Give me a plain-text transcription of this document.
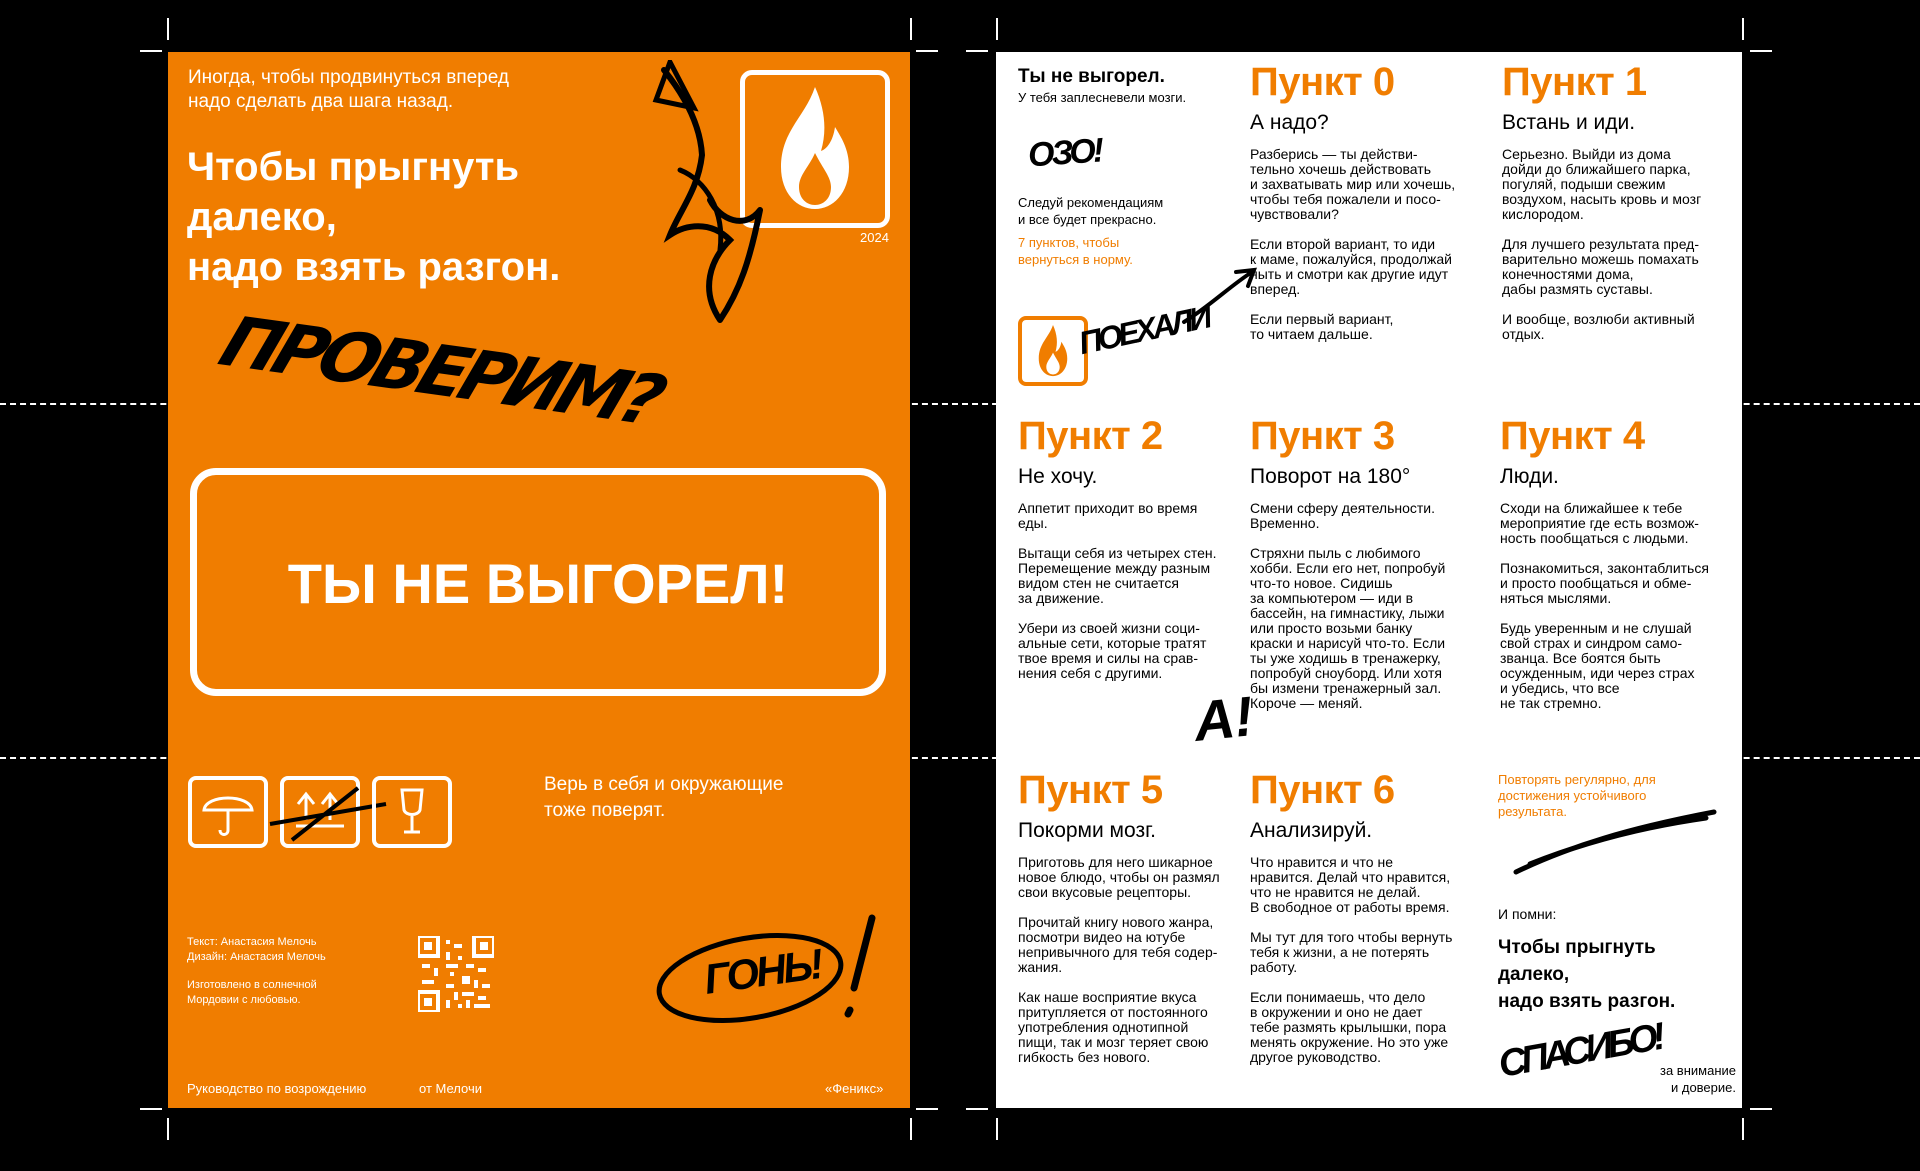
Иногда, чтобы продвинуться вперед
надо сделать два шага назад.
Чтобы прыгнуть
далеко,
надо взять разгон.
2024
ПРОВЕРИМ?
ТЫ НЕ ВЫГОРЕЛ!
Верь в себя и окружающие
тоже поверят.
Текст: Анастасия Мелочь
Дизайн: Анастасия Мелочь
Изготовлено в солнечной
Мордовии с любовью.	ГОНЬ!
Руководство по возрождению	от Мелочи	«Феникс»
Ты не выгорел.
У тебя заплесневели мозги.
ОЗО!
Следуй рекомендациям
и все будет прекрасно.
7 пунктов, чтобы
вернуться в норму.
ПОЕХАЛИ
Пункт 0
А надо?
Разберись — ты действи-
тельно хочешь действовать
и захватывать мир или хочешь,
чтобы тебя пожалели и посо-
чувствовали?

Если второй вариант, то иди
к маме, пожалуйся, продолжай
ныть и смотри как другие идут
вперед.

Если первый вариант,
то читаем дальше.
Пункт 1
Встань и иди.
Серьезно. Выйди из дома
дойди до ближайшего парка,
погуляй, подыши свежим
воздухом, насыть кровь и мозг
кислородом.

Для лучшего результата пред-
варительно можешь помахать
конечностями дома,
дабы размять суставы.

И вообще, возлюби активный
отдых.
Пункт 2
Не хочу.
Аппетит приходит во время
еды.

Вытащи себя из четырех стен.
Перемещение между разным
видом стен не считается
за движение.

Убери из своей жизни соци-
альные сети, которые тратят
твое время и силы на срав-
нения себя с другими.
Пункт 3
Поворот на 180°
Смени сферу деятельности.
Временно.

Стряхни пыль с любимого
хобби. Если его нет, попробуй
что-то новое. Сидишь
за компьютером — иди в
бассейн, на гимнастику, лыжи
или просто возьми банку
краски и нарисуй что-то. Если
ты уже ходишь в тренажерку,
попробуй сноуборд. Или хотя
бы измени тренажерный зал.
Короче — меняй.
Пункт 4
Люди.
Сходи на ближайшее к тебе
мероприятие где есть возмож-
ность пообщаться с людьми.

Познакомиться, законтаблиться
и просто пообщаться и обме-
няться мыслями.

Будь уверенным и не слушай
свой страх и синдром само-
званца. Все боятся быть
осужденным, иди через страх
и убедись, что все
не так стремно.
А!
Пункт 5
Покорми мозг.
Приготовь для него шикарное
новое блюдо, чтобы он размял
свои вкусовые рецепторы.

Прочитай книгу нового жанра,
посмотри видео на ютубе
непривычного для тебя содер-
жания.

Как наше восприятие вкуса
притупляется от постоянного
употребления однотипной
пищи, так и мозг теряет свою
гибкость без нового.
Пункт 6
Анализируй.
Что нравится и что не
нравится. Делай что нравится,
что не нравится не делай.
В свободное от работы время.

Мы тут для того чтобы вернуть
тебя к жизни, а не потерять
работу.

Если понимаешь, что дело
в окружении и оно не дает
тебе размять крылышки, пора
менять окружение. Но это уже
другое руководство.
Повторять регулярно, для
достижения устойчивого
результата.
И помни:
Чтобы прыгнуть
далеко,
надо взять разгон.
СПАСИБО!
за внимание
и доверие.
